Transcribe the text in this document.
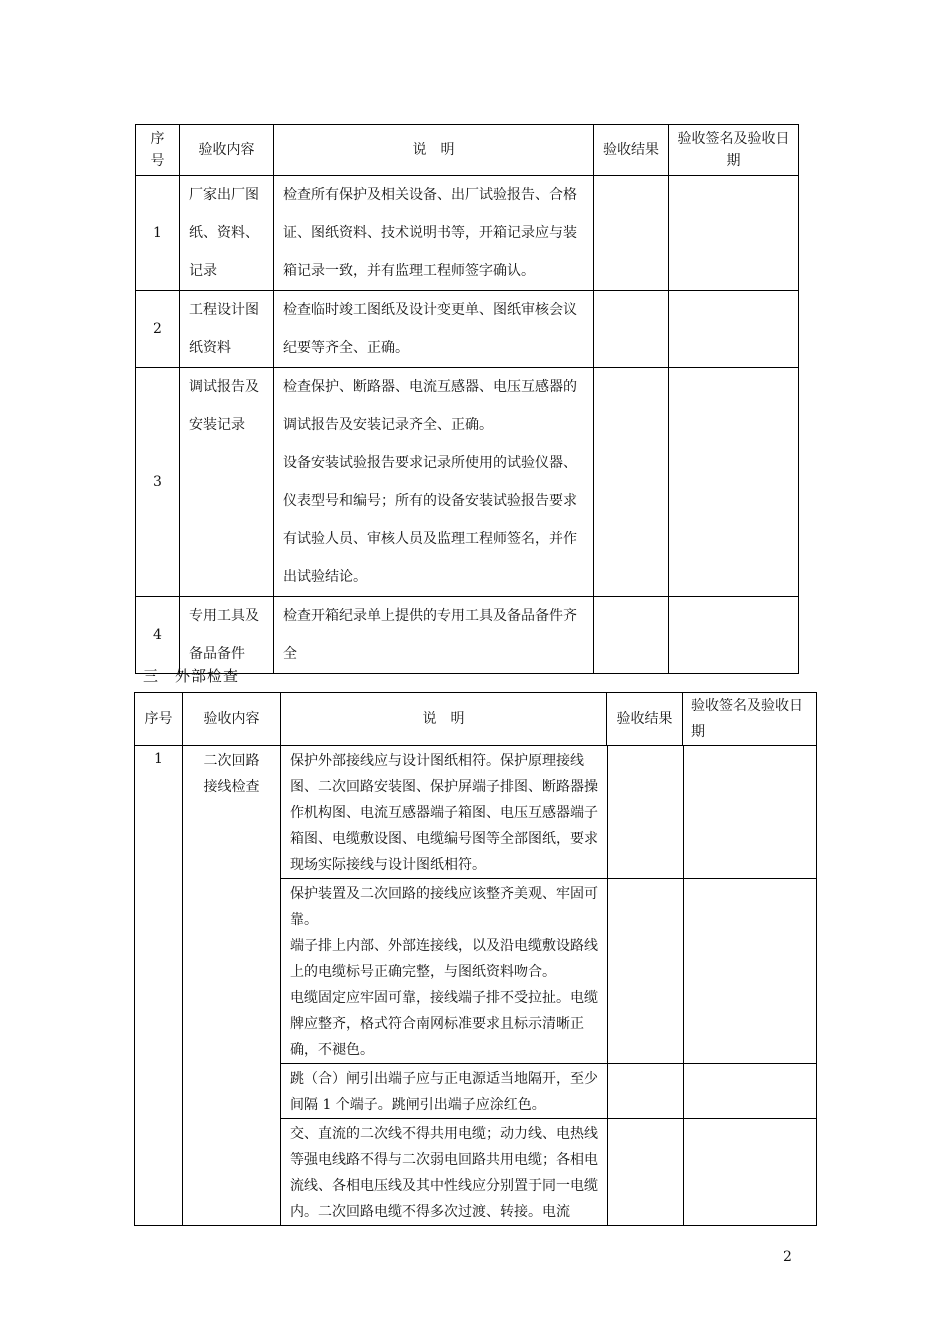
序号	验收内容	说　明	验收结果	验收签名及验收日期
1	厂家出厂图纸、资料、记录	检查所有保护及相关设备、出厂试验报告、合格证、图纸资料、技术说明书等，开箱记录应与装箱记录一致，并有监理工程师签字确认。		
2	工程设计图纸资料	检查临时竣工图纸及设计变更单、图纸审核会议纪要等齐全、正确。		
3	调试报告及安装记录	检查保护、断路器、电流互感器、电压互感器的调试报告及安装记录齐全、正确。
设备安装试验报告要求记录所使用的试验仪器、仪表型号和编号；所有的设备安装试验报告要求有试验人员、审核人员及监理工程师签名，并作出试验结论。		

4	专用工具及备品备件	检查开箱纪录单上提供的专用工具及备品备件齐全		
三　外部检查
序号	验收内容	说　明	验收结果	验收签名及验收日期
1	二次回路接线检查	
保护外部接线应与设计图纸相符。保护原理接线图、二次回路安装图、保护屏端子排图、断路器操作机构图、电流互感器端子箱图、电压互感器端子箱图、电缆敷设图、电缆编号图等全部图纸，要求现场实际接线与设计图纸相符。		

保护装置及二次回路的接线应该整齐美观、牢固可靠。
端子排上内部、外部连接线，以及沿电缆敷设路线上的电缆标号正确完整，与图纸资料吻合。
电缆固定应牢固可靠，接线端子排不受拉扯。电缆牌应整齐，格式符合南网标准要求且标示清晰正确，不褪色。

跳（合）闸引出端子应与正电源适当地隔开，至少间隔 1 个端子。跳闸引出端子应涂红色。		
交、直流的二次线不得共用电缆；动力线、电热线等强电线路不得与二次弱电回路共用电缆；各相电流线、各相电压线及其中性线应分别置于同一电缆内。二次回路电缆不得多次过渡、转接。电流		
2
